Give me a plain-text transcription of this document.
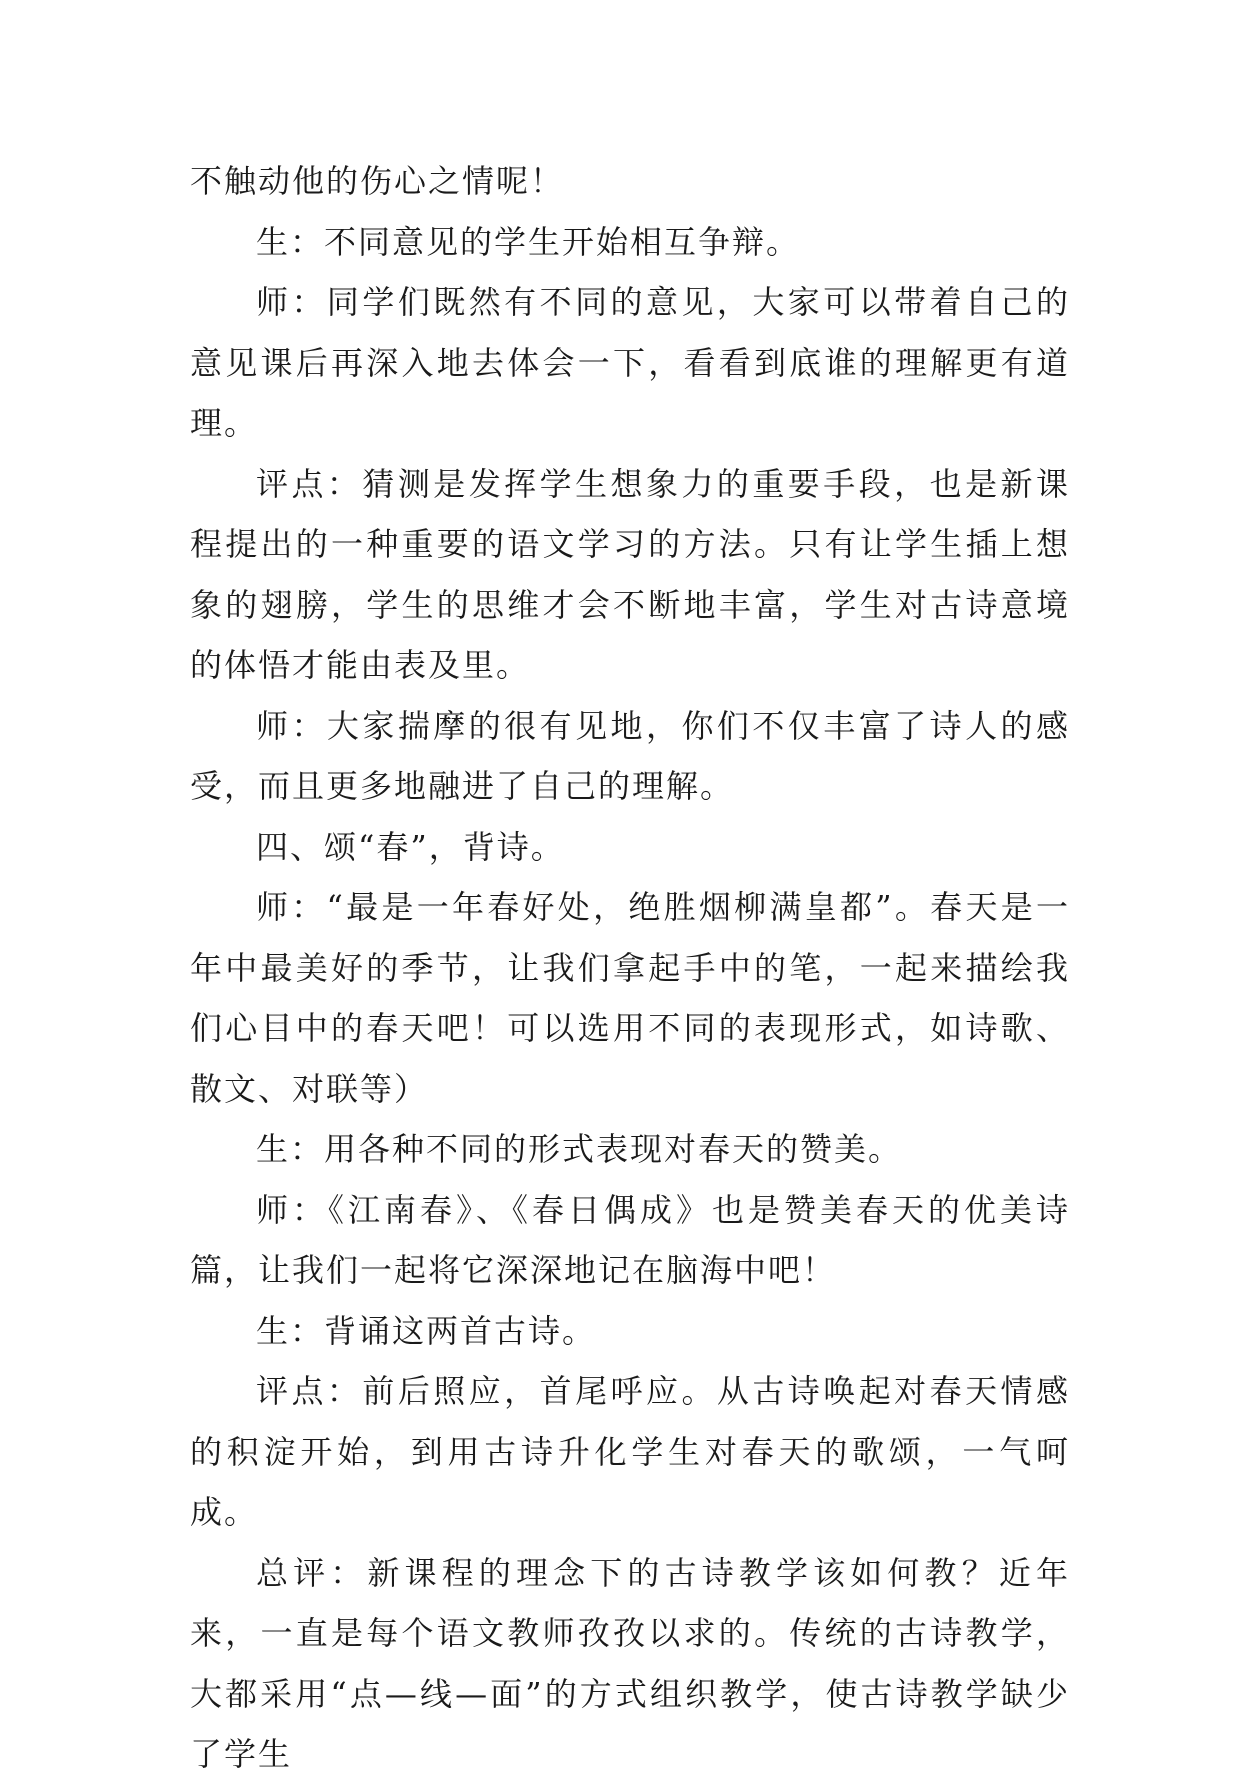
不触动他的伤心之情呢！

生：不同意见的学生开始相互争辩。

师：同学们既然有不同的意见，大家可以带着自己的意见课后再深入地去体会一下，看看到底谁的理解更有道理。

评点：猜测是发挥学生想象力的重要手段，也是新课程提出的一种重要的语文学习的方法。只有让学生插上想象的翅膀，学生的思维才会不断地丰富，学生对古诗意境的体悟才能由表及里。

师：大家揣摩的很有见地，你们不仅丰富了诗人的感受，而且更多地融进了自己的理解。

四、颂“春”，背诗。

师：“最是一年春好处，绝胜烟柳满皇都”。春天是一年中最美好的季节，让我们拿起手中的笔，一起来描绘我们心目中的春天吧！可以选用不同的表现形式，如诗歌、散文、对联等）

生：用各种不同的形式表现对春天的赞美。

师：《江南春》、《春日偶成》也是赞美春天的优美诗篇，让我们一起将它深深地记在脑海中吧！

生：背诵这两首古诗。

评点：前后照应，首尾呼应。从古诗唤起对春天情感的积淀开始，到用古诗升化学生对春天的歌颂，一气呵成。

总评：新课程的理念下的古诗教学该如何教？近年来，一直是每个语文教师孜孜以求的。传统的古诗教学，大都采用“点—线—面”的方式组织教学，使古诗教学缺少了学生
